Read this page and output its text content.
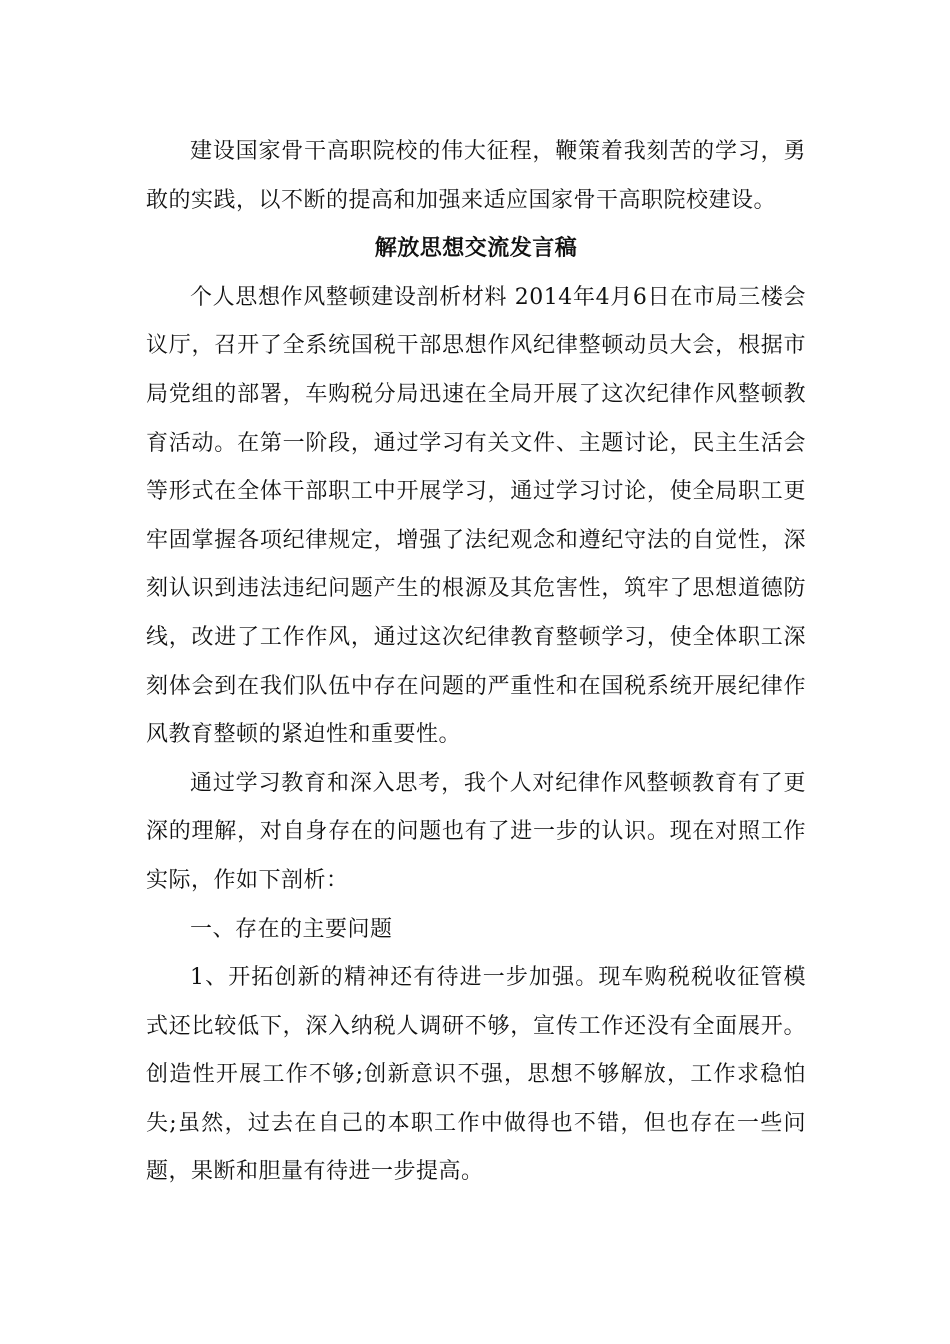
建设国家骨干高职院校的伟大征程，鞭策着我刻苦的学习，勇敢的实践，以不断的提高和加强来适应国家骨干高职院校建设。

解放思想交流发言稿

个人思想作风整顿建设剖析材料 2014年4月6日在市局三楼会议厅，召开了全系统国税干部思想作风纪律整顿动员大会，根据市局党组的部署，车购税分局迅速在全局开展了这次纪律作风整顿教育活动。在第一阶段，通过学习有关文件、主题讨论，民主生活会等形式在全体干部职工中开展学习，通过学习讨论，使全局职工更牢固掌握各项纪律规定，增强了法纪观念和遵纪守法的自觉性，深刻认识到违法违纪问题产生的根源及其危害性，筑牢了思想道德防线，改进了工作作风，通过这次纪律教育整顿学习，使全体职工深刻体会到在我们队伍中存在问题的严重性和在国税系统开展纪律作风教育整顿的紧迫性和重要性。

通过学习教育和深入思考，我个人对纪律作风整顿教育有了更深的理解，对自身存在的问题也有了进一步的认识。现在对照工作实际，作如下剖析：

一、存在的主要问题

1、开拓创新的精神还有待进一步加强。现车购税税收征管模式还比较低下，深入纳税人调研不够，宣传工作还没有全面展开。创造性开展工作不够;创新意识不强，思想不够解放，工作求稳怕失;虽然，过去在自己的本职工作中做得也不错，但也存在一些问题，果断和胆量有待进一步提高。
